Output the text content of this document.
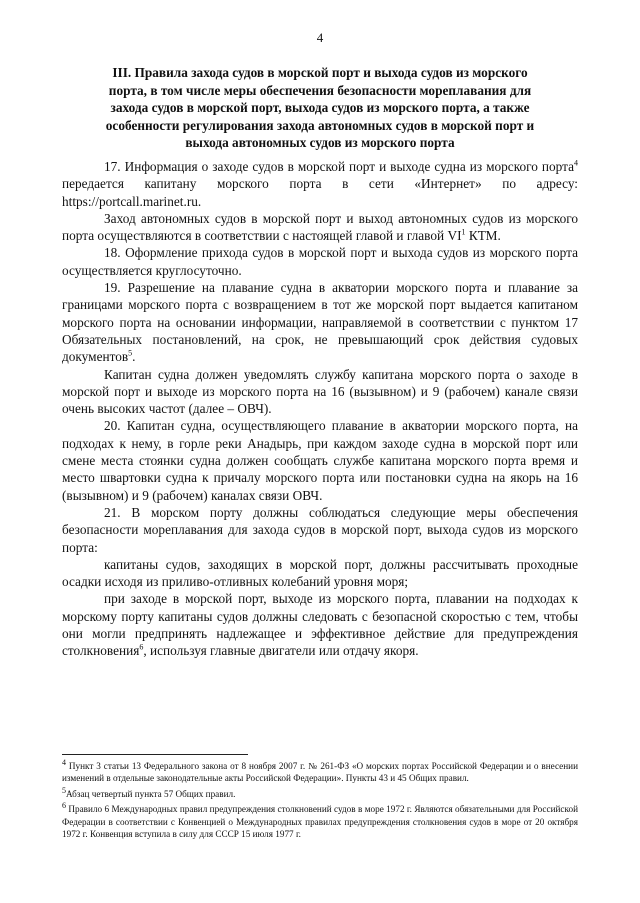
4
III. Правила захода судов в морской порт и выхода судов из морского порта, в том числе меры обеспечения безопасности мореплавания для захода судов в морской порт, выхода судов из морского порта, а также особенности регулирования захода автономных судов в морской порт и выхода автономных судов из морского порта

17. Информация о заходе судов в морской порт и выходе судна из морского порта$^4$ передается капитану морского порта в сети «Интернет» по адресу: https://portcall.marinet.ru.

Заход автономных судов в морской порт и выход автономных судов из морского порта осуществляются в соответствии с настоящей главой и главой $VI^1$ КТМ.

18. Оформление прихода судов в морской порт и выхода судов из морского порта осуществляется круглосуточно.

19. Разрешение на плавание судна в акватории морского порта и плавание за границами морского порта с возвращением в тот же морской порт выдается капитаном морского порта на основании информации, направляемой в соответствии с пунктом 17 Обязательных постановлений, на срок, не превышающий срок действия судовых документов$^5$.

Капитан судна должен уведомлять службу капитана морского порта о заходе в морской порт и выходе из морского порта на 16 (вызывном) и 9 (рабочем) канале связи очень высоких частот (далее – ОВЧ).

20. Капитан судна, осуществляющего плавание в акватории морского порта, на подходах к нему, в горле реки Анадырь, при каждом заходе судна в морской порт или смене места стоянки судна должен сообщать службе капитана морского порта время и место швартовки судна к причалу морского порта или постановки судна на якорь на 16 (вызывном) и 9 (рабочем) каналах связи ОВЧ.

21. В морском порту должны соблюдаться следующие меры обеспечения безопасности мореплавания для захода судов в морской порт, выхода судов из морского порта:

капитаны судов, заходящих в морской порт, должны рассчитывать проходные осадки исходя из приливо-отливных колебаний уровня моря;

при заходе в морской порт, выходе из морского порта, плавании на подходах к морскому порту капитаны судов должны следовать с безопасной скоростью с тем, чтобы они могли предпринять надлежащее и эффективное действие для предупреждения столкновения$^6$, используя главные двигатели или отдачу якоря.

$^4$ Пункт 3 статьи 13 Федерального закона от 8 ноября 2007 г. № 261-ФЗ «О морских портах Российской Федерации и о внесении изменений в отдельные законодательные акты Российской Федерации». Пункты 43 и 45 Общих правил.

$^5$Абзац четвертый пункта 57 Общих правил.

$^6$ Правило 6 Международных правил предупреждения столкновений судов в море 1972 г. Являются обязательными для Российской Федерации в соответствии с Конвенцией о Международных правилах предупреждения столкновения судов в море от 20 октября 1972 г. Конвенция вступила в силу для СССР 15 июля 1977 г.
